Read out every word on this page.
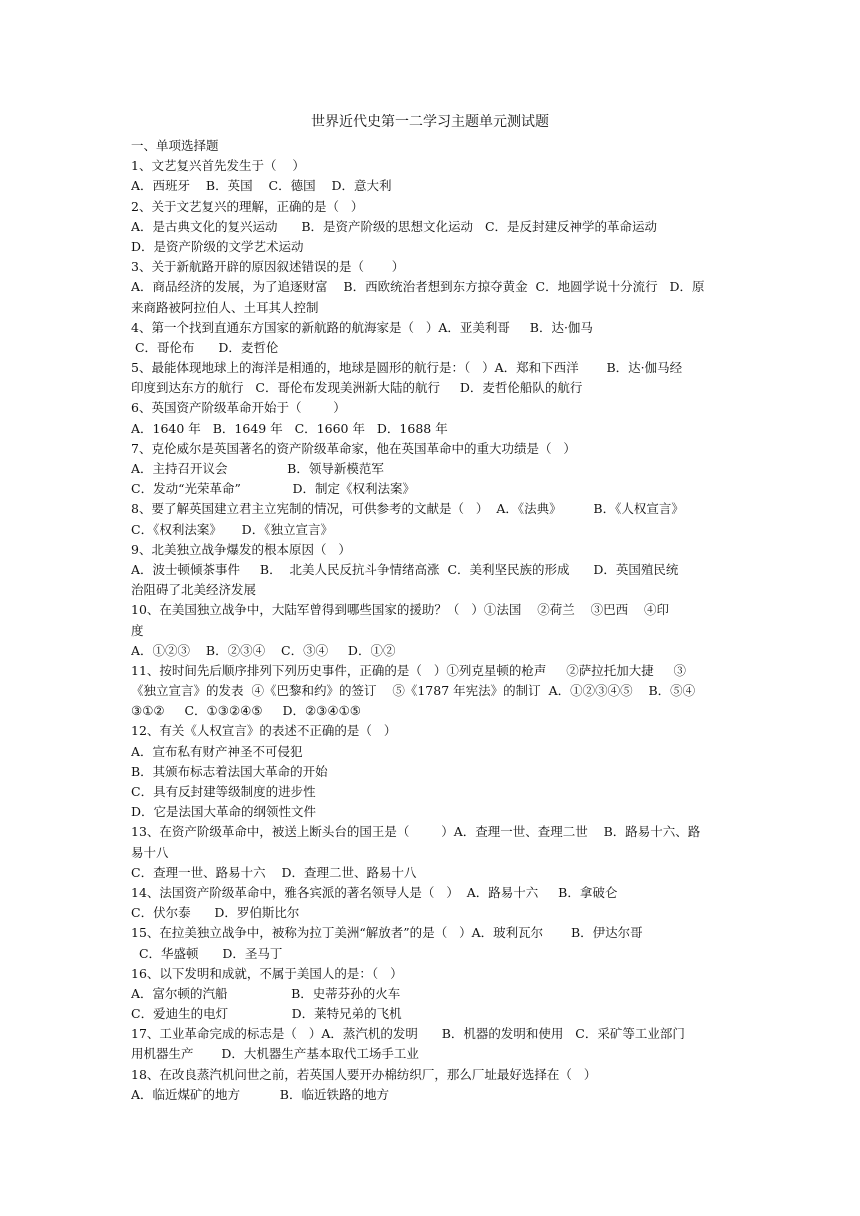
世界近代史第一二学习主题单元测试题
一、单项选择题
1、文艺复兴首先发生于（    ）
A．西班牙    B．英国    C．德国    D．意大利
2、关于文艺复兴的理解，正确的是（   ）
A．是古典文化的复兴运动      B．是资产阶级的思想文化运动   C．是反封建反神学的革命运动
D．是资产阶级的文学艺术运动
3、关于新航路开辟的原因叙述错误的是（       ）
A．商品经济的发展，为了追逐财富    B．西欧统治者想到东方掠夺黄金  C．地圆学说十分流行   D．原
来商路被阿拉伯人、土耳其人控制
4、第一个找到直通东方国家的新航路的航海家是（   ）A．亚美利哥     B．达·伽马
C．哥伦布      D．麦哲伦
5、最能体现地球上的海洋是相通的，地球是圆形的航行是：（   ）A．郑和下西洋       B．达·伽马经
印度到达东方的航行   C．哥伦布发现美洲新大陆的航行     D．麦哲伦船队的航行
6、英国资产阶级革命开始于（        ）
A．1640 年   B．1649 年   C．1660 年   D．1688 年
7、克伦威尔是英国著名的资产阶级革命家，他在英国革命中的重大功绩是（   ）
A．主持召开议会               B．领导新模范军
C．发动“光荣革命”             D．制定《权利法案》
8、要了解英国建立君主立宪制的情况，可供参考的文献是（   ）  A．《法典》        B．《人权宣言》
C．《权利法案》     D．《独立宣言》
9、北美独立战争爆发的根本原因（   ）
A．波士顿倾茶事件     B．  北美人民反抗斗争情绪高涨  C．美利坚民族的形成      D．英国殖民统
治阻碍了北美经济发展
10、在美国独立战争中，大陆军曾得到哪些国家的援助？（   ）①法国    ②荷兰    ③巴西    ④印
度
A．①②③    B．②③④    C．③④     D．①②
11、按时间先后顺序排列下列历史事件，正确的是（   ）①列克星顿的枪声     ②萨拉托加大捷     ③
《独立宣言》的发表  ④《巴黎和约》的签订    ⑤《1787 年宪法》的制订  A．①②③④⑤    B．⑤④
③①②     C．①③②④⑤     D．②③④①⑤
12、有关《人权宣言》的表述不正确的是（   ）
A．宣布私有财产神圣不可侵犯
B．其颁布标志着法国大革命的开始
C．具有反封建等级制度的进步性
D．它是法国大革命的纲领性文件
13、在资产阶级革命中，被送上断头台的国王是（        ）A．查理一世、查理二世    B．路易十六、路
易十八
C．查理一世、路易十六    D．查理二世、路易十八
14、法国资产阶级革命中，雅各宾派的著名领导人是（   ）  A．路易十六     B．拿破仑
C．伏尔泰      D．罗伯斯比尔
15、在拉美独立战争中，被称为拉丁美洲“解放者”的是（   ）A．玻利瓦尔       B．伊达尔哥
C．华盛顿      D．圣马丁
16、以下发明和成就，不属于美国人的是：（   ）
A．富尔顿的汽船                B．史蒂芬孙的火车
C．爱迪生的电灯                D．莱特兄弟的飞机
17、工业革命完成的标志是（   ）A．蒸汽机的发明      B．机器的发明和使用   C．采矿等工业部门
用机器生产       D．大机器生产基本取代工场手工业
18、在改良蒸汽机问世之前，若英国人要开办棉纺织厂，那么厂址最好选择在（   ）
A．临近煤矿的地方          B．临近铁路的地方
